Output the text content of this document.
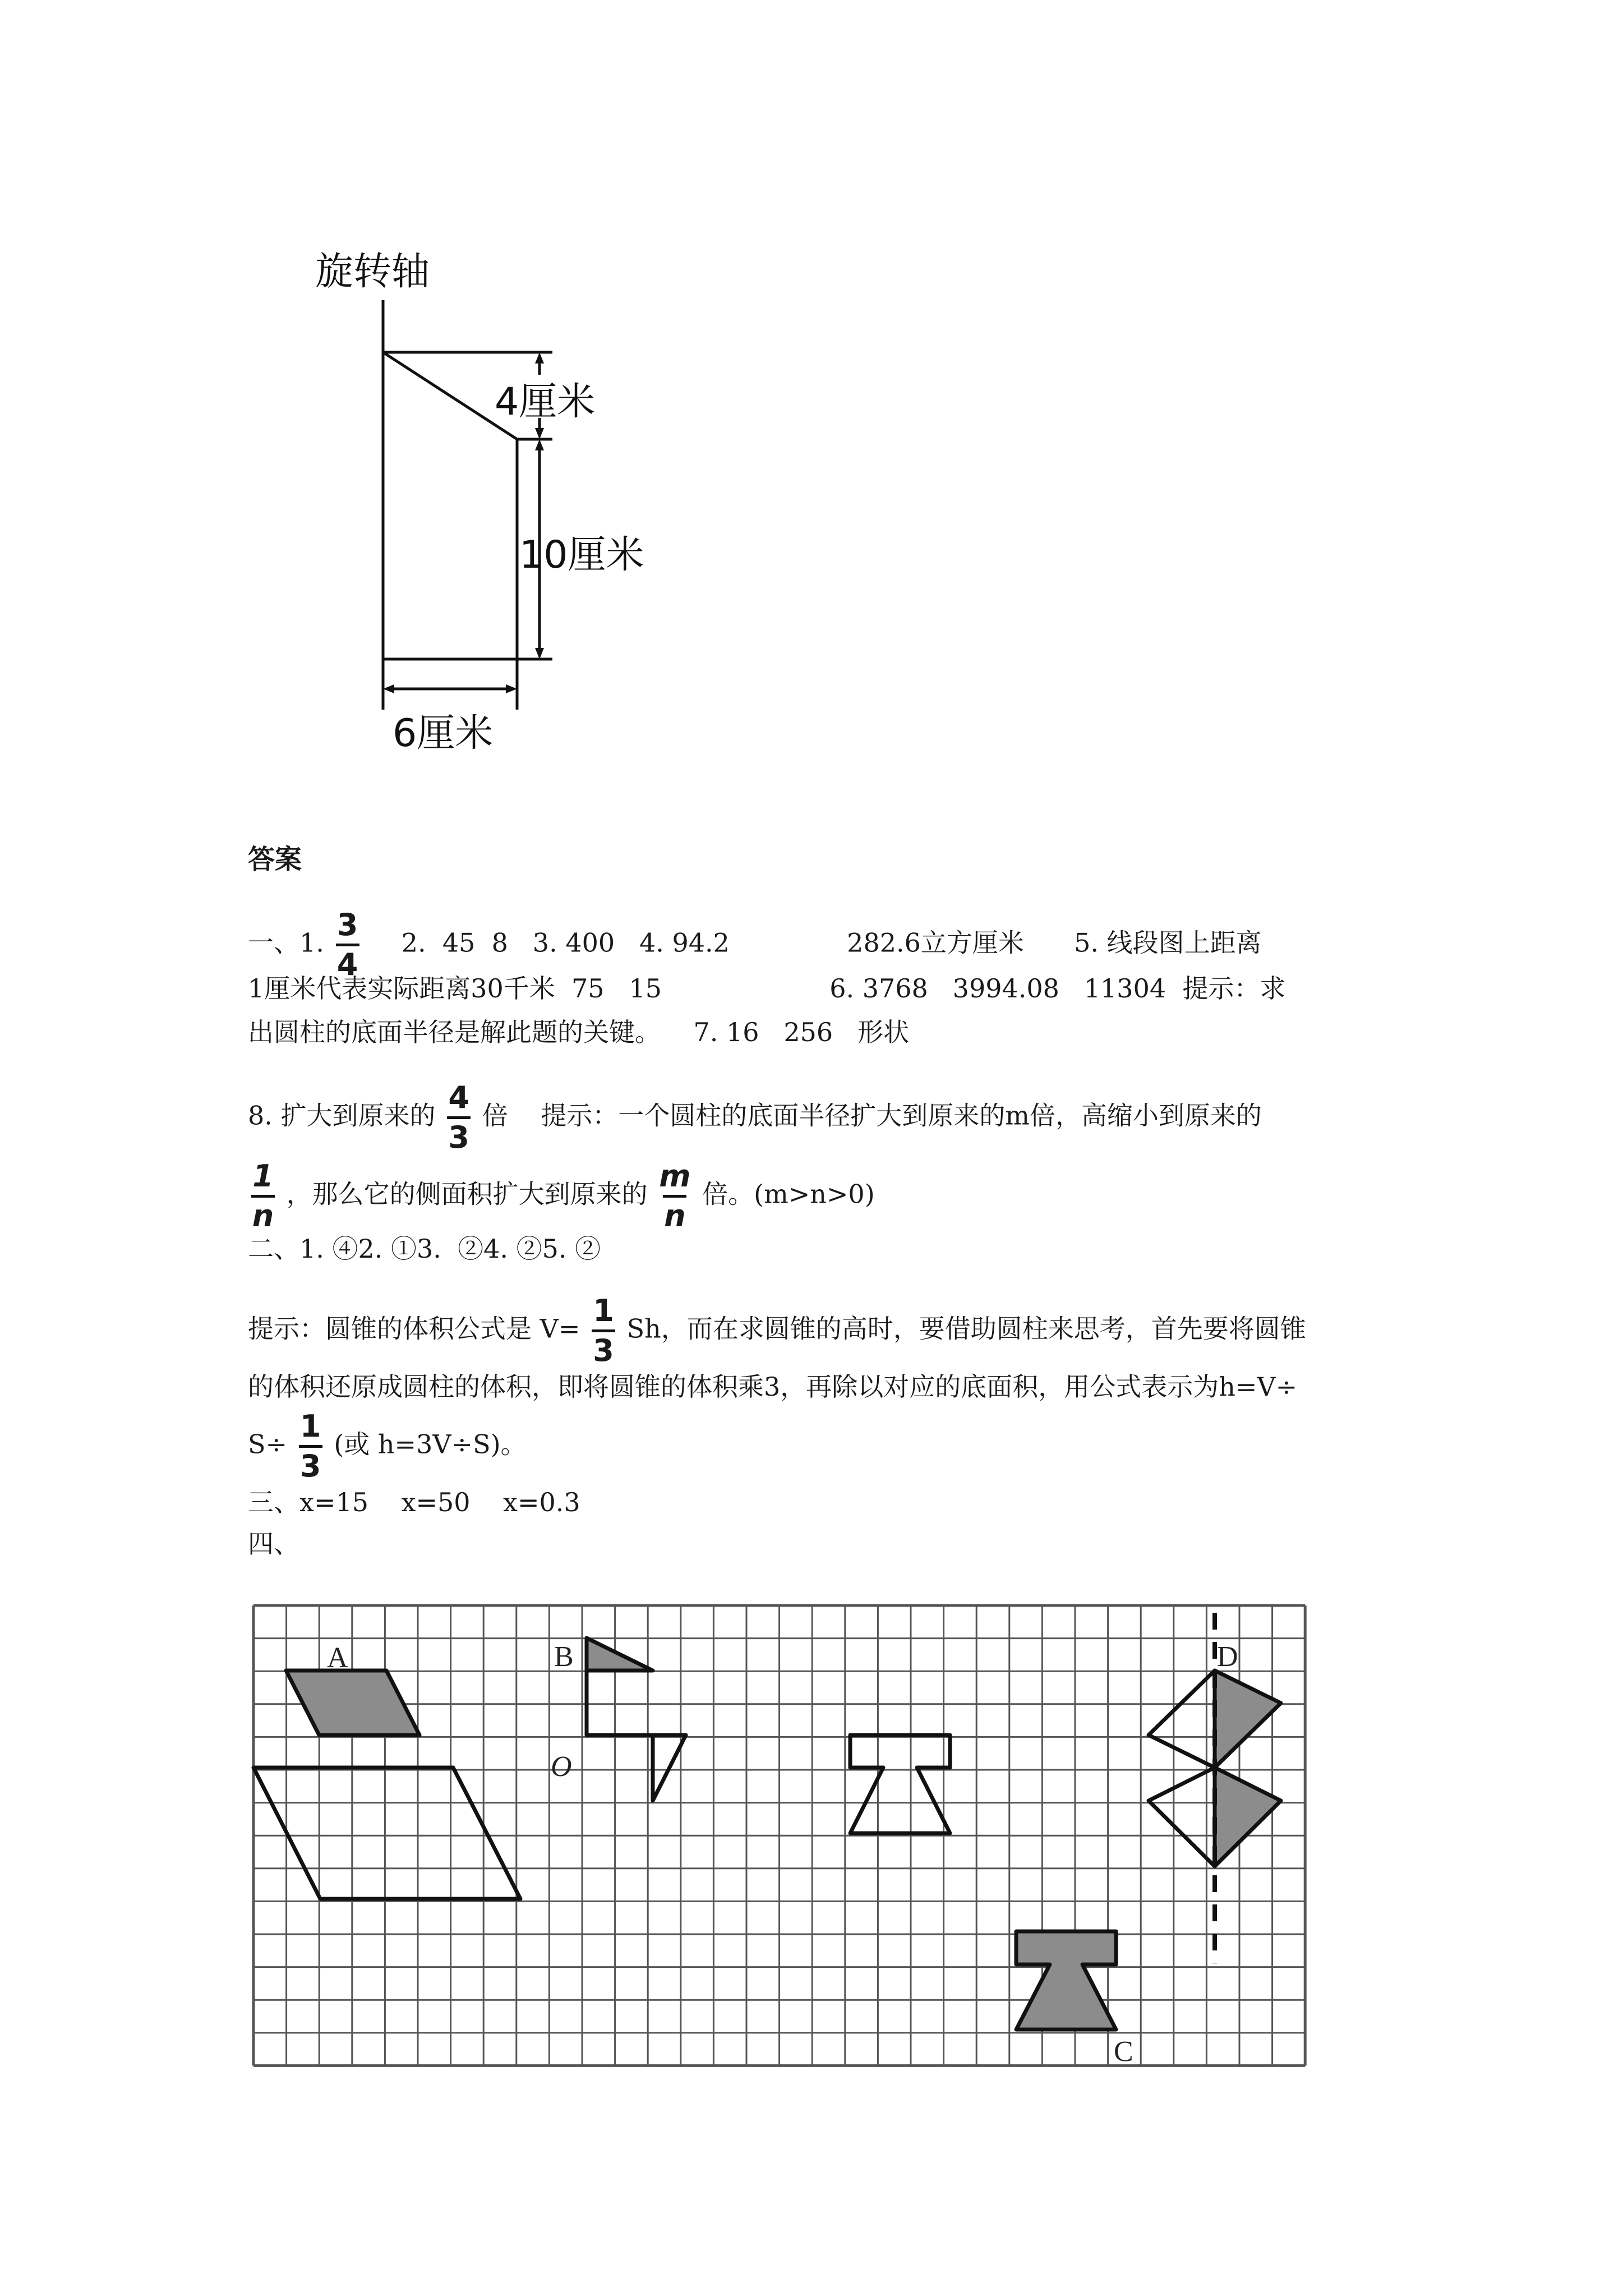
旋转轴
4厘米
10厘米
6厘米
答案
一、1.
3
4
2.  45  8   3. 400   4. 94.2	282.6立方厘米 5. 线段图上距离
1厘米代表实际距离30千米  75   15	6. 3768   3994.08   11304  提示：求
出圆柱的底面半径是解此题的关键。    7. 16   256   形状
8. 扩大到原来的
4
3
倍    提示：一个圆柱的底面半径扩大到原来的m倍，高缩小到原来的
1
n
，那么它的侧面积扩大到原来的
m
n
倍。(m>n>0)
二、1. ④2. ①3.  ②4. ②5. ②
提示：圆锥的体积公式是 V=
1
3
Sh，而在求圆锥的高时，要借助圆柱来思考，首先要将圆锥
的体积还原成圆柱的体积，即将圆锥的体积乘3，再除以对应的底面积，用公式表示为h=V÷
S÷
1
3
(或 h=3V÷S)。
三、x=15    x=50    x=0.3
四、
A	B
O
C
D
